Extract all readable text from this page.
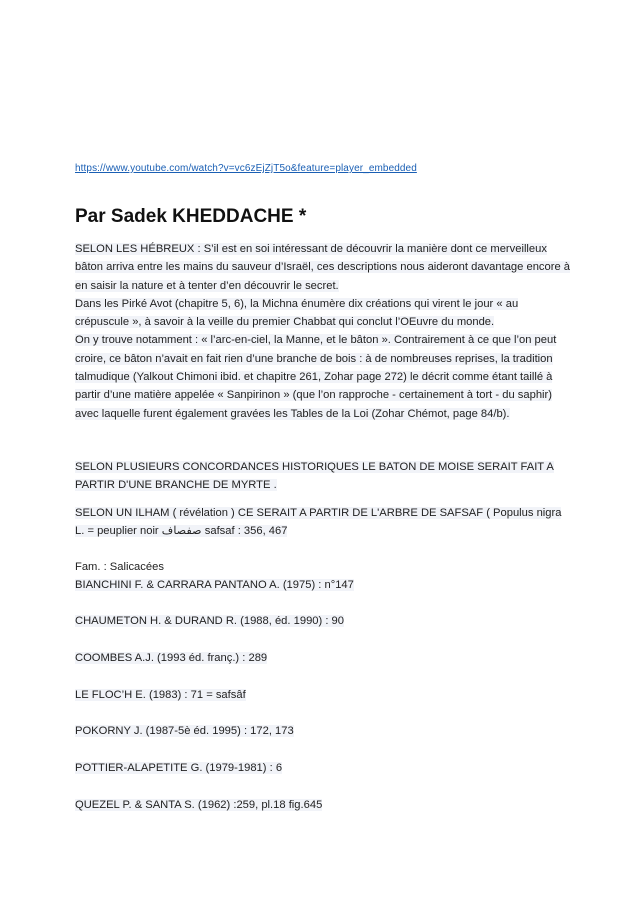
https://www.youtube.com/watch?v=vc6zEjZjT5o&feature=player_embedded
Par Sadek KHEDDACHE *

SELON LES HÉBREUX : S’il est en soi intéressant de découvrir la manière dont ce merveilleux bâton arriva entre les mains du sauveur d’Israël, ces descriptions nous aideront davantage encore à en saisir la nature et à tenter d’en découvrir le secret.

Dans les Pirké Avot (chapitre 5, 6), la Michna énumère dix créations qui virent le jour « au crépuscule », à savoir à la veille du premier Chabbat qui conclut l’OEuvre du monde.

On y trouve notamment : « l’arc-en-ciel, la Manne, et le bâton ». Contrairement à ce que l’on peut croire, ce bâton n’avait en fait rien d’une branche de bois : à de nombreuses reprises, la tradition talmudique (Yalkout Chimoni ibid. et chapitre 261, Zohar page 272) le décrit comme étant taillé à partir d’une matière appelée « Sanpirinon » (que l’on rapproche - certainement à tort - du saphir) avec laquelle furent également gravées les Tables de la Loi (Zohar Chémot, page 84/b).

SELON PLUSIEURS CONCORDANCES HISTORIQUES LE BATON DE MOISE SERAIT FAIT A PARTIR D'UNE BRANCHE DE MYRTE .

SELON UN ILHAM ( révélation ) CE SERAIT A PARTIR DE L'ARBRE DE SAFSAF ( Populus nigra L. = peuplier noir صفصاف safsaf : 356, 467

Fam. : Salicacées
BIANCHINI F. & CARRARA PANTANO A. (1975) : n°147
CHAUMETON H. & DURAND R. (1988, éd. 1990) : 90
COOMBES A.J. (1993 éd. franç.) : 289
LE FLOC’H E. (1983) : 71 = safsâf
POKORNY J. (1987-5è éd. 1995) : 172, 173
POTTIER-ALAPETITE G. (1979-1981) : 6
QUEZEL P. & SANTA S. (1962) :259, pl.18 fig.645
